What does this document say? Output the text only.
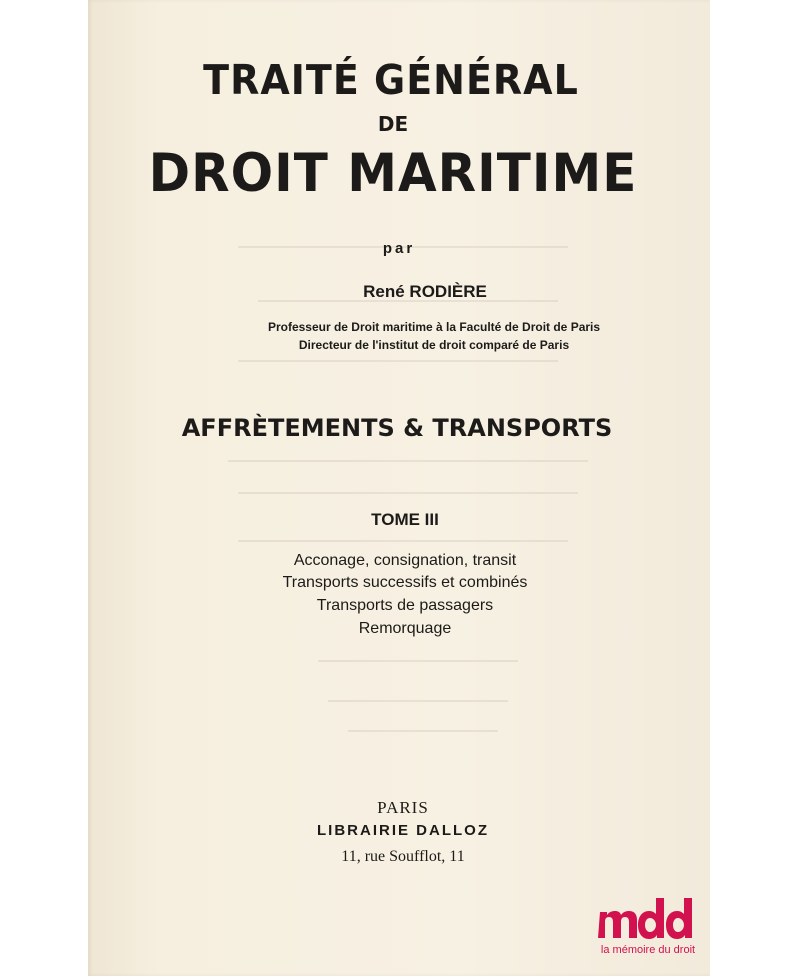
TRAITÉ GÉNÉRAL
DE
DROIT MARITIME
par
René RODIÈRE
Professeur de Droit maritime à la Faculté de Droit de Paris
Directeur de l'institut de droit comparé de Paris
AFFRÈTEMENTS & TRANSPORTS
TOME III
Acconage, consignation, transit
Transports successifs et combinés
Transports de passagers
Remorquage
PARIS
LIBRAIRIE DALLOZ
11, rue Soufflot, 11
la mémoire du droit
